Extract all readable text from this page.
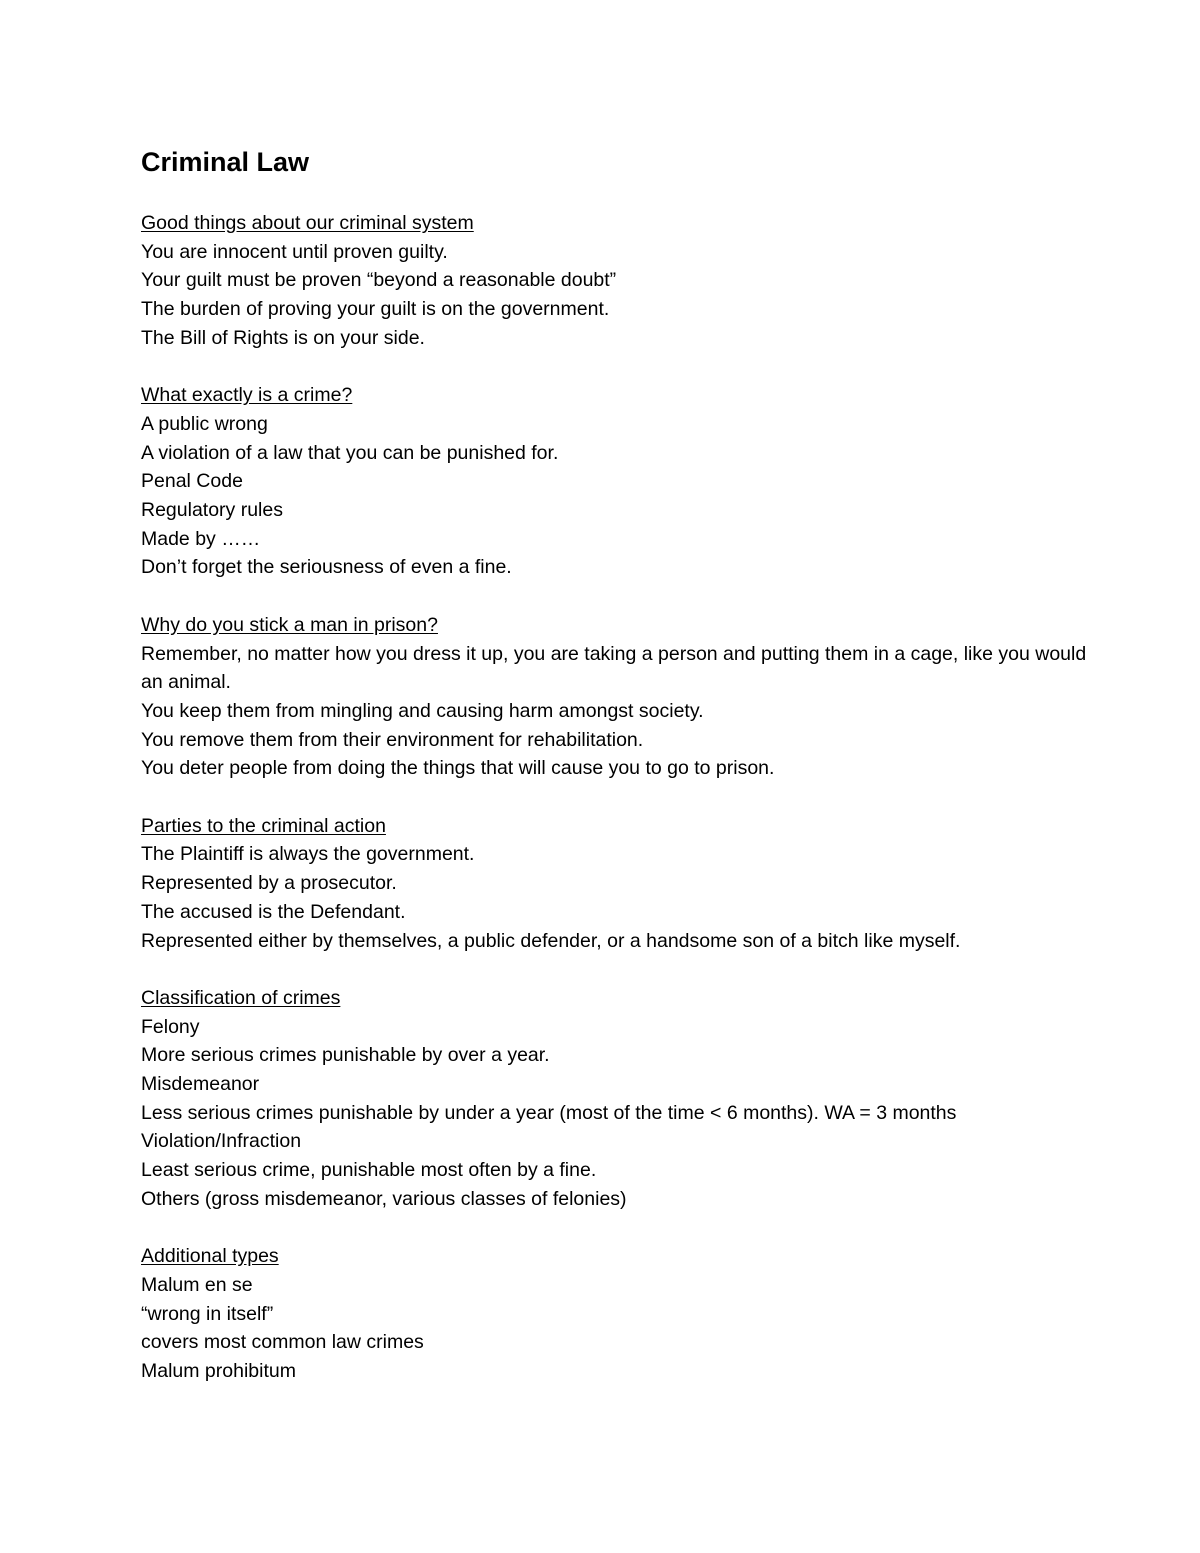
Criminal Law

Good things about our criminal system

You are innocent until proven guilty.

Your guilt must be proven “beyond a reasonable doubt”

The burden of proving your guilt is on the government.

The Bill of Rights is on your side.

What exactly is a crime?

A public wrong

A violation of a law that you can be punished for.

Penal Code

Regulatory rules

Made by ……

Don’t forget the seriousness of even a fine.

Why do you stick a man in prison?

Remember, no matter how you dress it up, you are taking a person and putting them in a cage, like you would an animal.

You keep them from mingling and causing harm amongst society.

You remove them from their environment for rehabilitation.

You deter people from doing the things that will cause you to go to prison.

Parties to the criminal action

The Plaintiff is always the government.

Represented by a prosecutor.

The accused is the Defendant.

Represented either by themselves, a public defender, or a handsome son of a bitch like myself.

Classification of crimes

Felony

More serious crimes punishable by over a year.

Misdemeanor

Less serious crimes punishable by under a year (most of the time < 6 months). WA = 3 months

Violation/Infraction

Least serious crime, punishable most often by a fine.

Others (gross misdemeanor, various classes of felonies)

Additional types

Malum en se

“wrong in itself”

covers most common law crimes

Malum prohibitum
